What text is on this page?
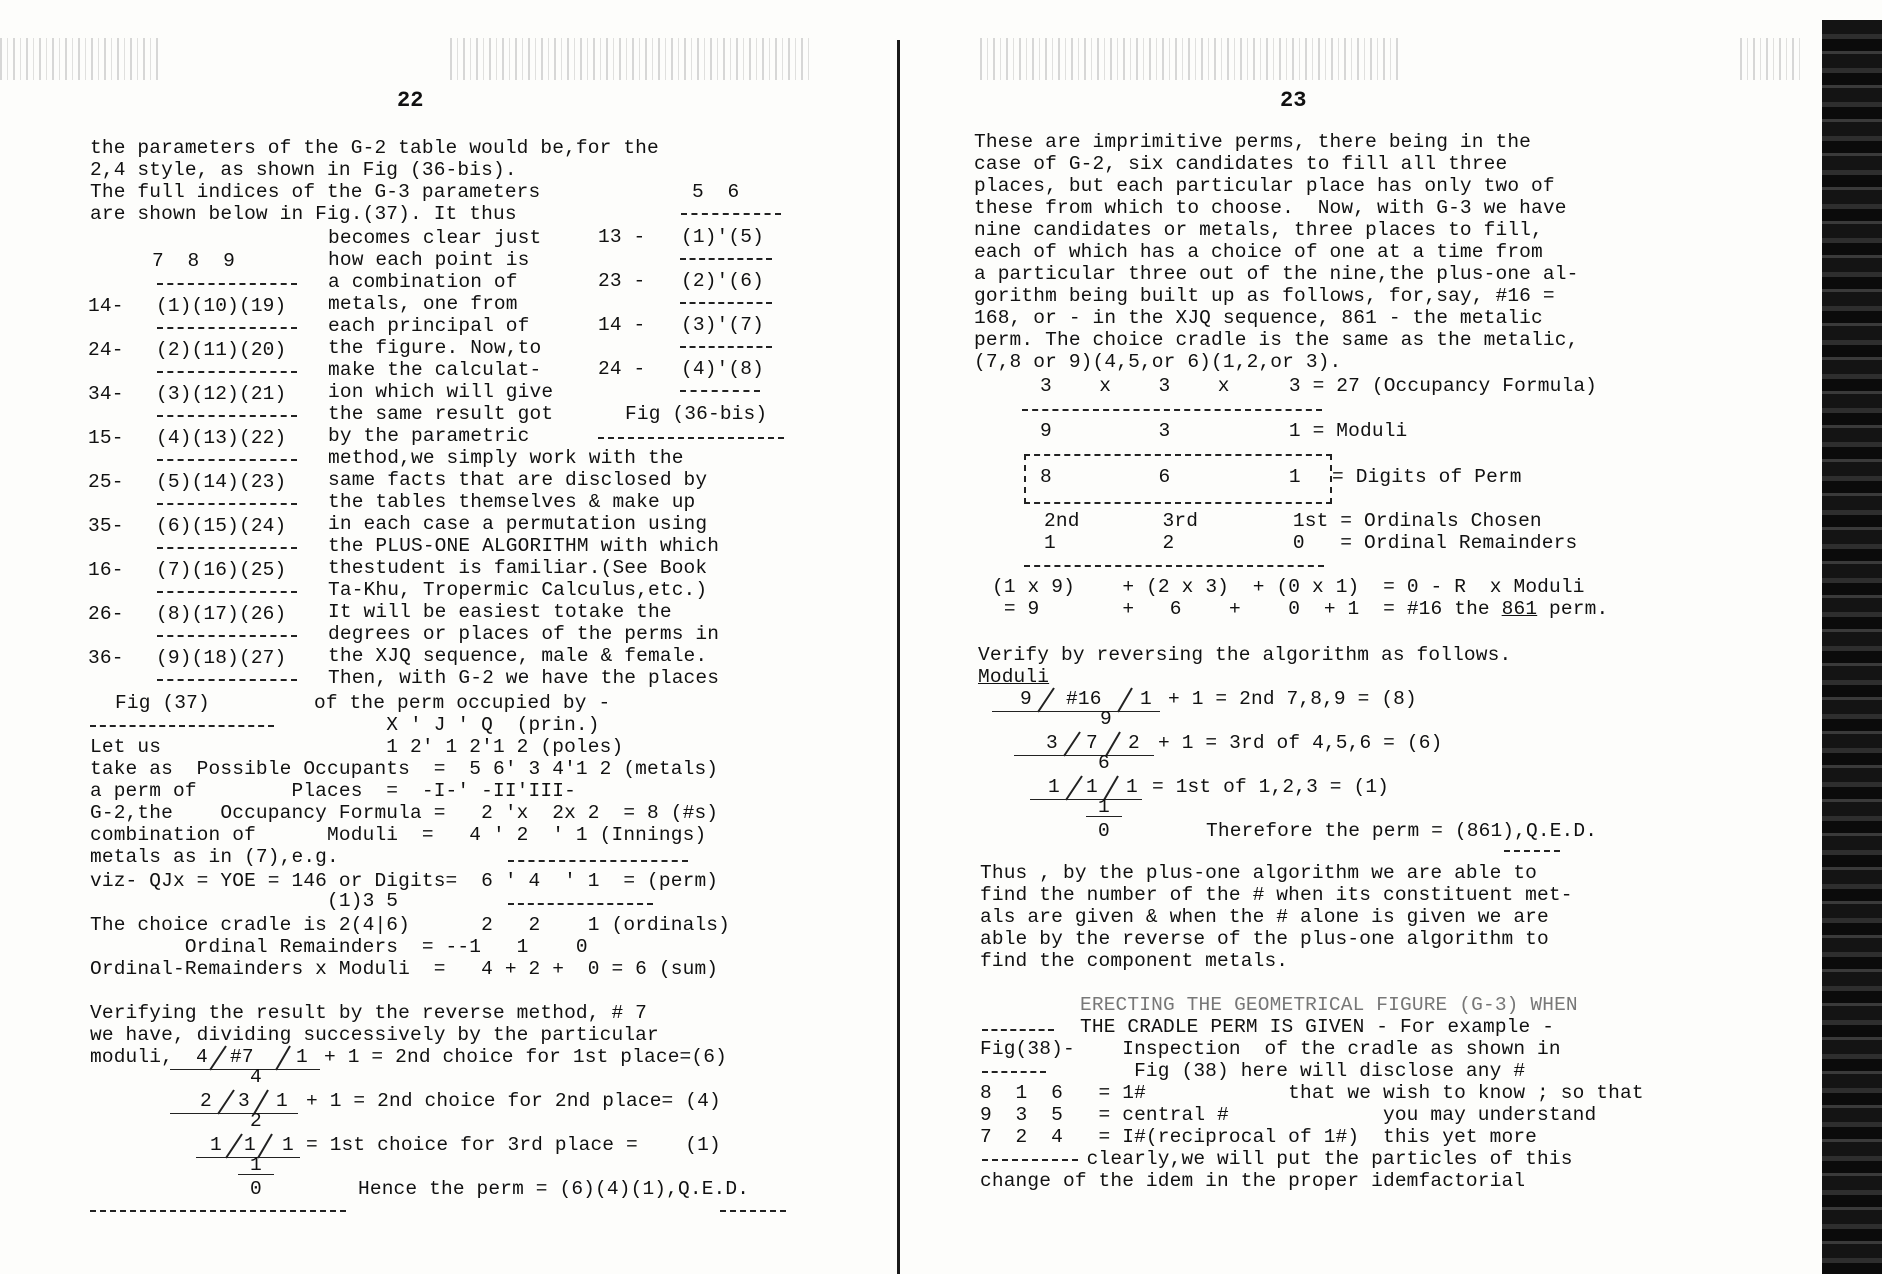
22
the parameters of the G-2 table would be,for the
2,4 style, as shown in Fig (36-bis).
The full indices of the G-3 parameters
are shown below in Fig.(37). It thus
5  6
13 - (1)'(5)
23 - (2)'(6)
14 - (3)'(7)
24 - (4)'(8)
Fig (36-bis)
7  8  9
14- (1)(10)(19)
24- (2)(11)(20)
34- (3)(12)(21)
15- (4)(13)(22)
25- (5)(14)(23)
35- (6)(15)(24)
16- (7)(16)(25)
26- (8)(17)(26)
36- (9)(18)(27)
Fig (37)
becomes clear just
how each point is
a combination of
metals, one from
each principal of
the figure. Now,to
make the calculat-
ion which will give
the same result got
by the parametric
method,we simply work with the
same facts that are disclosed by
the tables themselves & make up
in each case a permutation using
the PLUS-ONE ALGORITHM with which
thestudent is familiar.(See Book
Ta-Khu, Tropermic Calculus,etc.)
It will be easiest totake the
degrees or places of the perms in
the XJQ sequence, male & female.
Then, with G-2 we have the places
of the perm occupied by -
X ' J ' Q  (prin.)
Let us                   1 2' 1 2'1 2 (poles)
take as  Possible Occupants  =  5 6' 3 4'1 2 (metals)
a perm of        Places  =  -I-' -II'III-
G-2,the    Occupancy Formula =   2 'x  2x 2  = 8 (#s)
combination of      Moduli  =   4 ' 2  ' 1 (Innings)
metals as in (7),e.g.
viz- QJx = YOE = 146 or Digits=  6 ' 4  ' 1  = (perm)
(1)3 5
The choice cradle is 2(4|6)      2   2    1 (ordinals)
Ordinal Remainders  = --1   1    0
Ordinal-Remainders x Moduli  =   4 + 2 +  0 = 6 (sum)
Verifying the result by the reverse method, # 7
we have, dividing successively by the particular
moduli, 4 #7 1 + 1 = 2nd choice for 1st place=(6)
4
2 3 1 + 1 = 2nd choice for 2nd place= (4)
2
1 1 1 = 1st choice for 3rd place =    (1)
1
0	Hence the perm = (6)(4)(1),Q.E.D.
23
These are imprimitive perms, there being in the
case of G-2, six candidates to fill all three
places, but each particular place has only two of
these from which to choose.  Now, with G-3 we have
nine candidates or metals, three places to fill,
each of which has a choice of one at a time from
a particular three out of the nine,the plus-one al-
gorithm being built up as follows, for,say, #16 =
168, or - in the XJQ sequence, 861 - the metalic
perm. The choice cradle is the same as the metalic,
(7,8 or 9)(4,5,or 6)(1,2,or 3).
3    x    3    x     3 = 27 (Occupancy Formula)
9         3          1 = Moduli
8         6          1 = Digits of Perm
2nd       3rd        1st = Ordinals Chosen
1         2          0   = Ordinal Remainders
(1 x 9)    + (2 x 3)  + (0 x 1)  = 0 - R  x Moduli
= 9       +   6    +    0  + 1  = #16 the 861 perm.
Verify by reversing the algorithm as follows.
Moduli
9 #16 1 + 1 = 2nd 7,8,9 = (8)
9
3 7 2 + 1 = 3rd of 4,5,6 = (6)
6
1 1 1 = 1st of 1,2,3 = (1)
1
0	Therefore the perm = (861),Q.E.D.
Thus , by the plus-one algorithm we are able to
find the number of the # when its constituent met-
als are given & when the # alone is given we are
able by the reverse of the plus-one algorithm to
find the component metals.
ERECTING THE GEOMETRICAL FIGURE (G-3) WHEN
THE CRADLE PERM IS GIVEN - For example -
Fig(38)-    Inspection  of the cradle as shown in
Fig (38) here will disclose any #
8  1  6   = 1#            that we wish to know ; so that
9  3  5   = central #             you may understand
7  2  4   = I#(reciprocal of 1#)  this yet more
clearly,we will put the particles of this
change of the idem in the proper idemfactorial
